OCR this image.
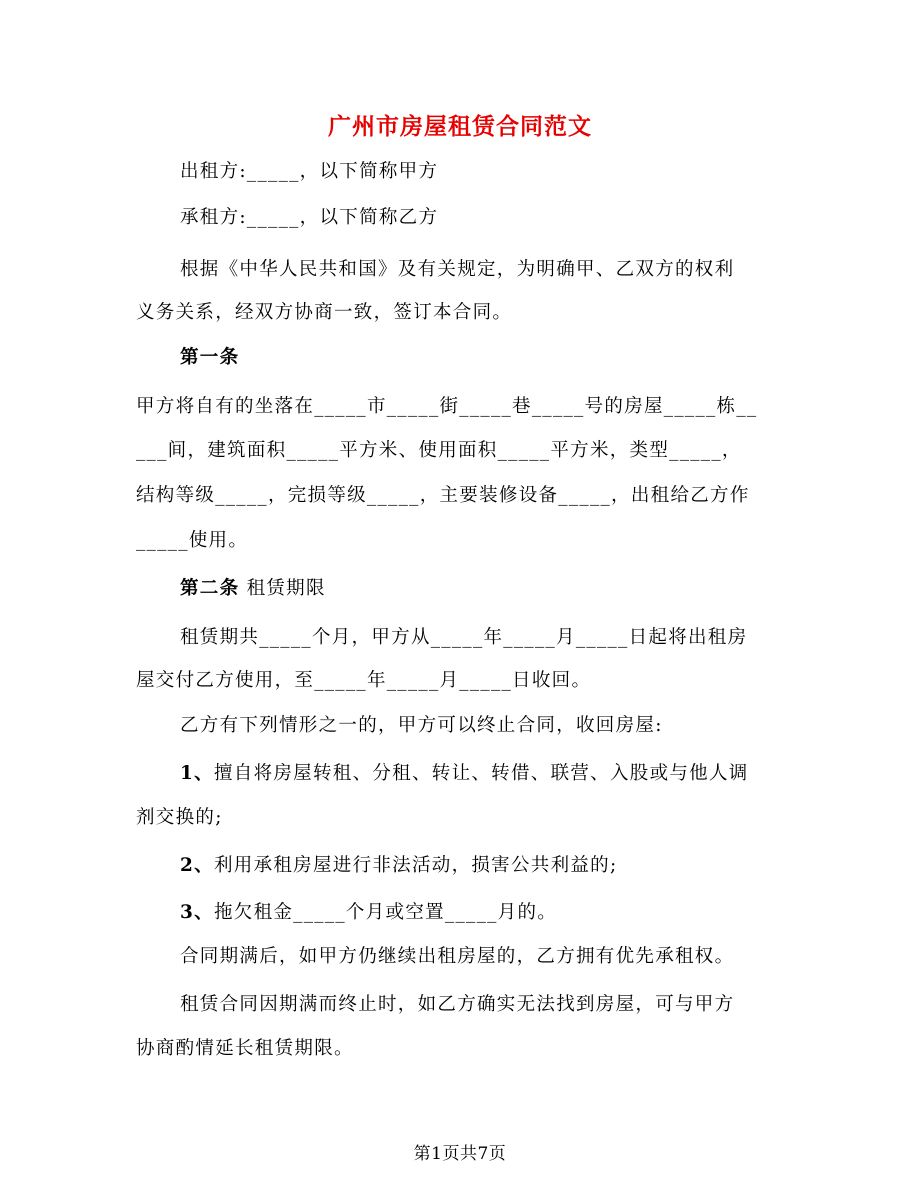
广州市房屋租赁合同范文
出租方:_____，以下简称甲方
承租方:_____，以下简称乙方
根据《中华人民共和国》及有关规定，为明确甲、乙双方的权利
义务关系，经双方协商一致，签订本合同。
第一条
甲方将自有的坐落在_____市_____街_____巷_____号的房屋_____栋__
___间，建筑面积_____平方米、使用面积_____平方米，类型_____，
结构等级_____，完损等级_____，主要装修设备_____，出租给乙方作
_____使用。
第二条 租赁期限
租赁期共_____个月，甲方从_____年_____月_____日起将出租房
屋交付乙方使用，至_____年_____月_____日收回。
乙方有下列情形之一的，甲方可以终止合同，收回房屋:
1、擅自将房屋转租、分租、转让、转借、联营、入股或与他人调
剂交换的;
2、利用承租房屋进行非法活动，损害公共利益的;
3、拖欠租金_____个月或空置_____月的。
合同期满后，如甲方仍继续出租房屋的，乙方拥有优先承租权。
租赁合同因期满而终止时，如乙方确实无法找到房屋，可与甲方
协商酌情延长租赁期限。
第1页共7页
